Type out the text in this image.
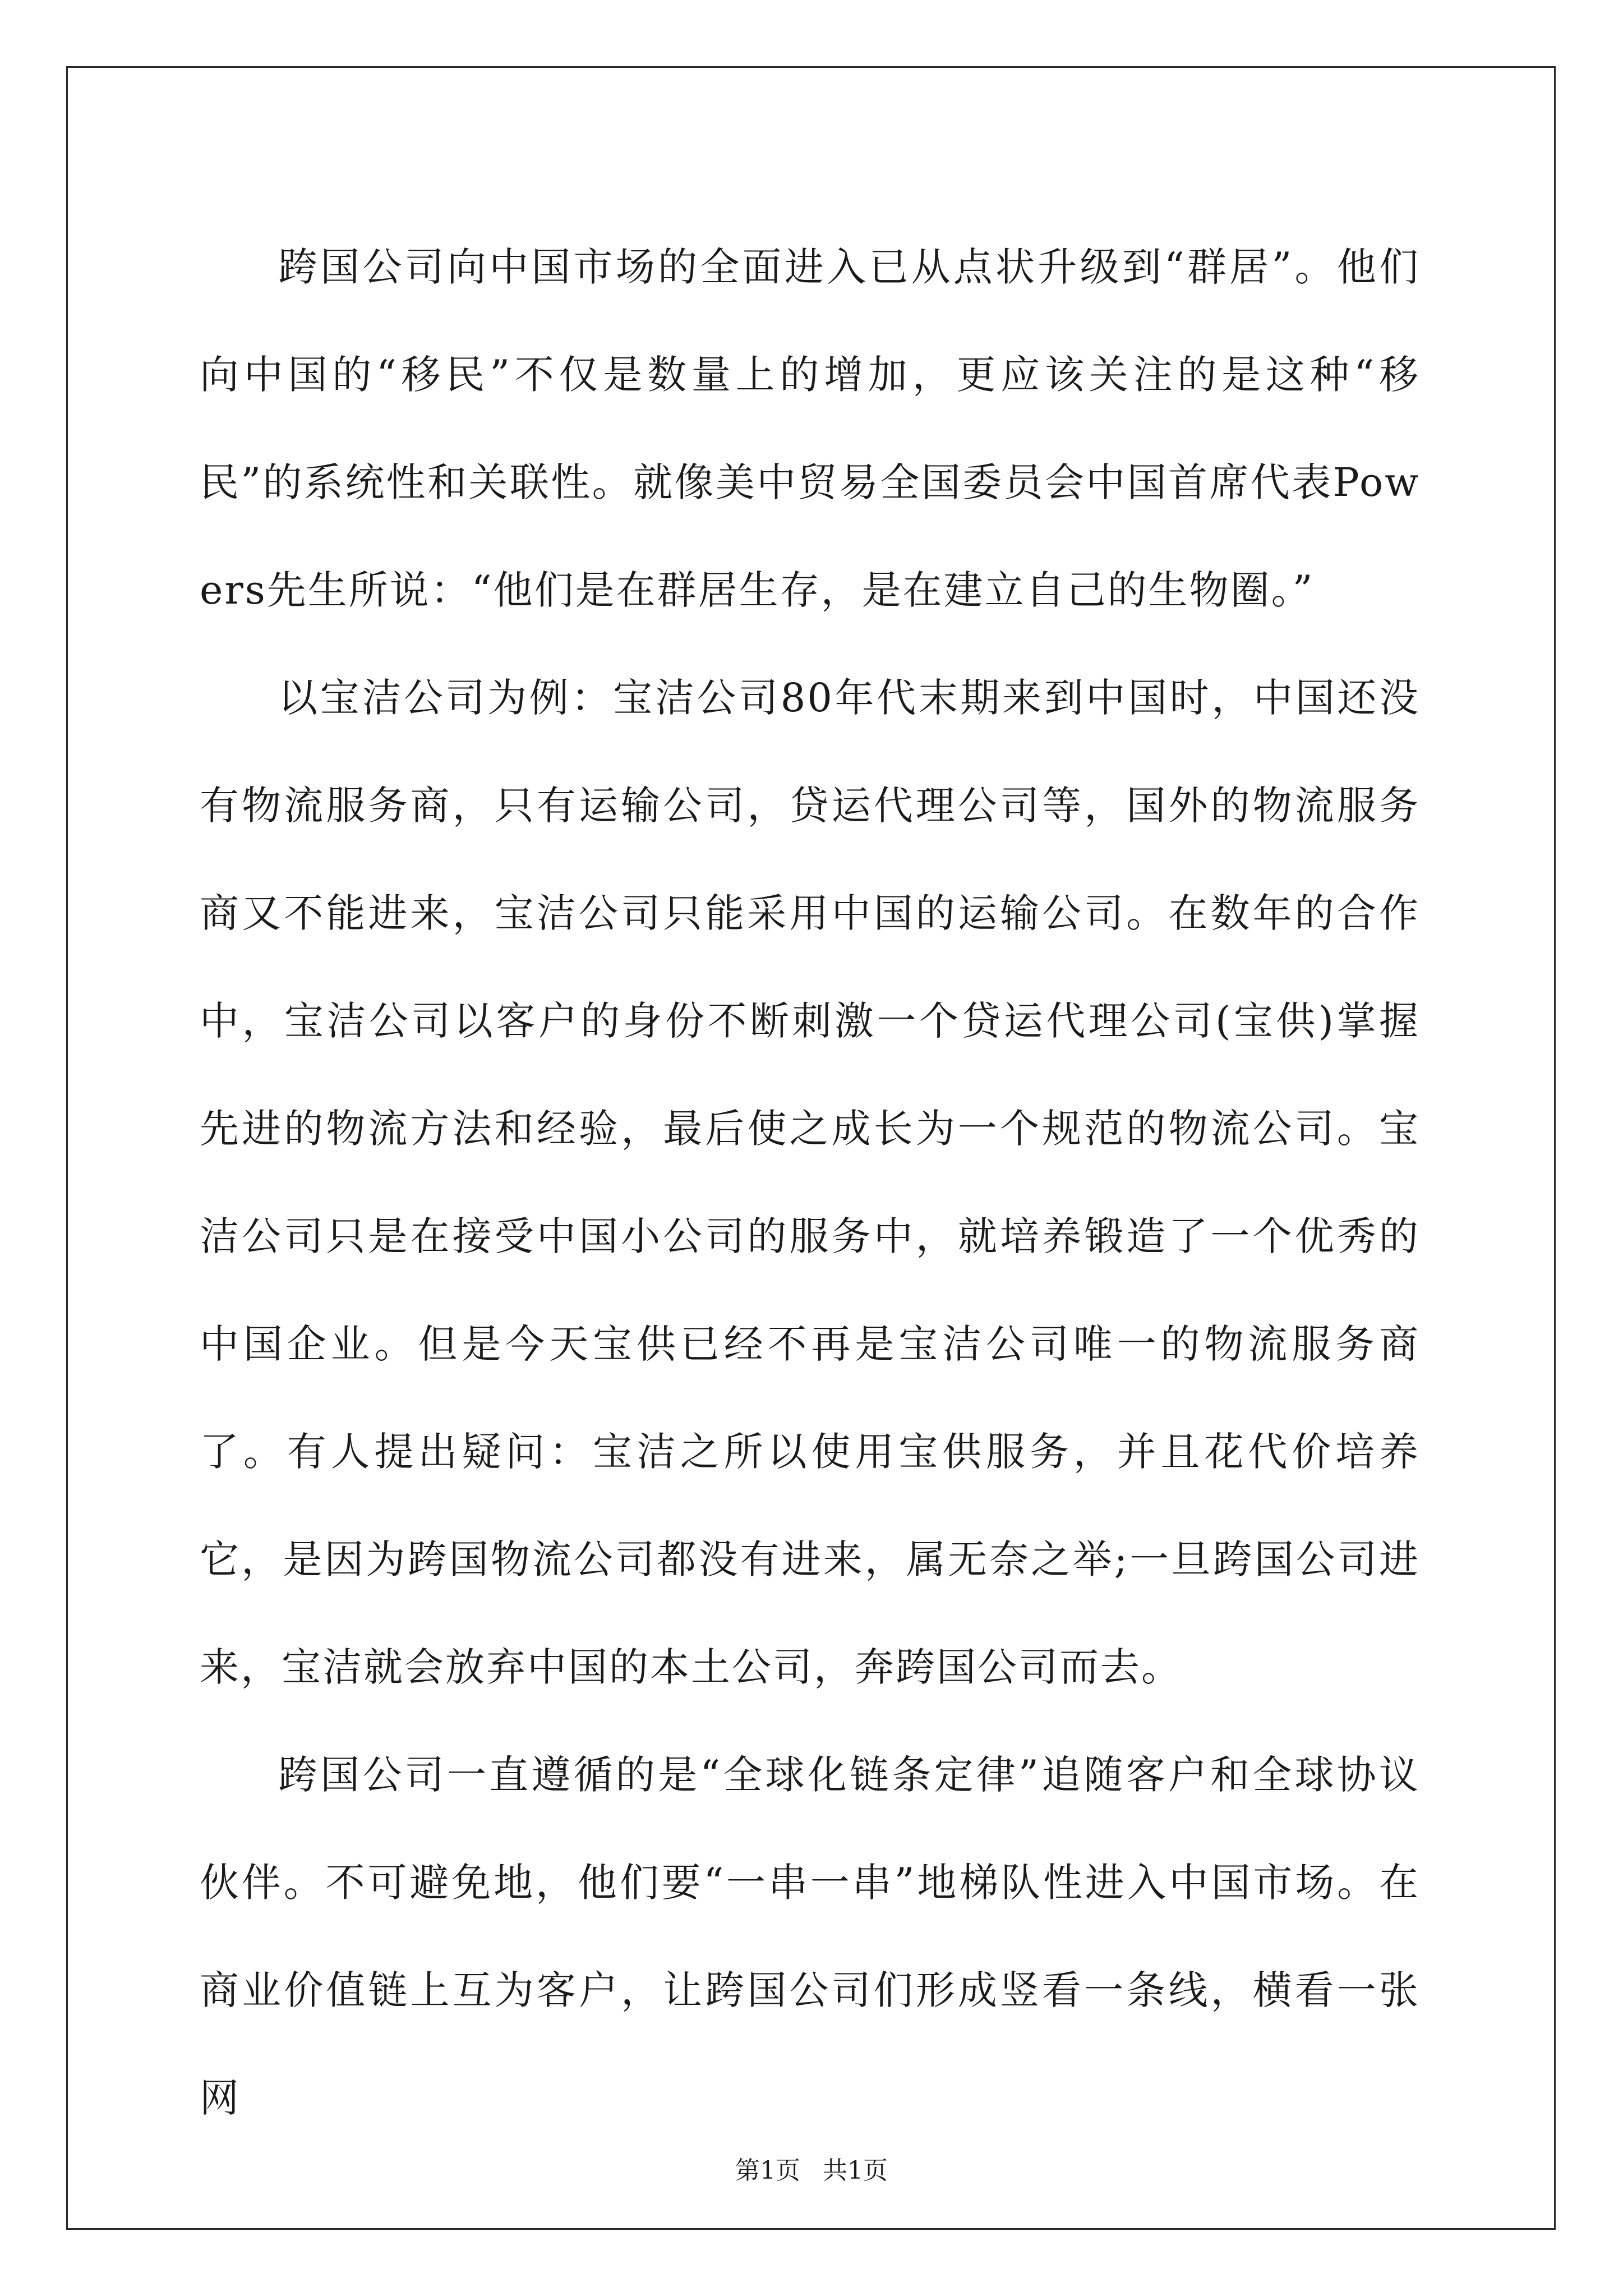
跨国公司向中国市场的全面进入已从点状升级到“群居”。他们向中国的“移民”不仅是数量上的增加，更应该关注的是这种“移民”的系统性和关联性。就像美中贸易全国委员会中国首席代表Powers先生所说：“他们是在群居生存，是在建立自己的生物圈。”

以宝洁公司为例：宝洁公司80年代末期来到中国时，中国还没有物流服务商，只有运输公司，贷运代理公司等，国外的物流服务商又不能进来，宝洁公司只能采用中国的运输公司。在数年的合作中，宝洁公司以客户的身份不断刺激一个贷运代理公司(宝供)掌握先进的物流方法和经验，最后使之成长为一个规范的物流公司。宝洁公司只是在接受中国小公司的服务中，就培养锻造了一个优秀的中国企业。但是今天宝供已经不再是宝洁公司唯一的物流服务商了。有人提出疑问：宝洁之所以使用宝供服务，并且花代价培养它，是因为跨国物流公司都没有进来，属无奈之举;一旦跨国公司进来，宝洁就会放弃中国的本土公司，奔跨国公司而去。

跨国公司一直遵循的是“全球化链条定律”追随客户和全球协议伙伴。不可避免地，他们要“一串一串”地梯队性进入中国市场。在商业价值链上互为客户，让跨国公司们形成竖看一条线，横看一张网

第1页 共1页
